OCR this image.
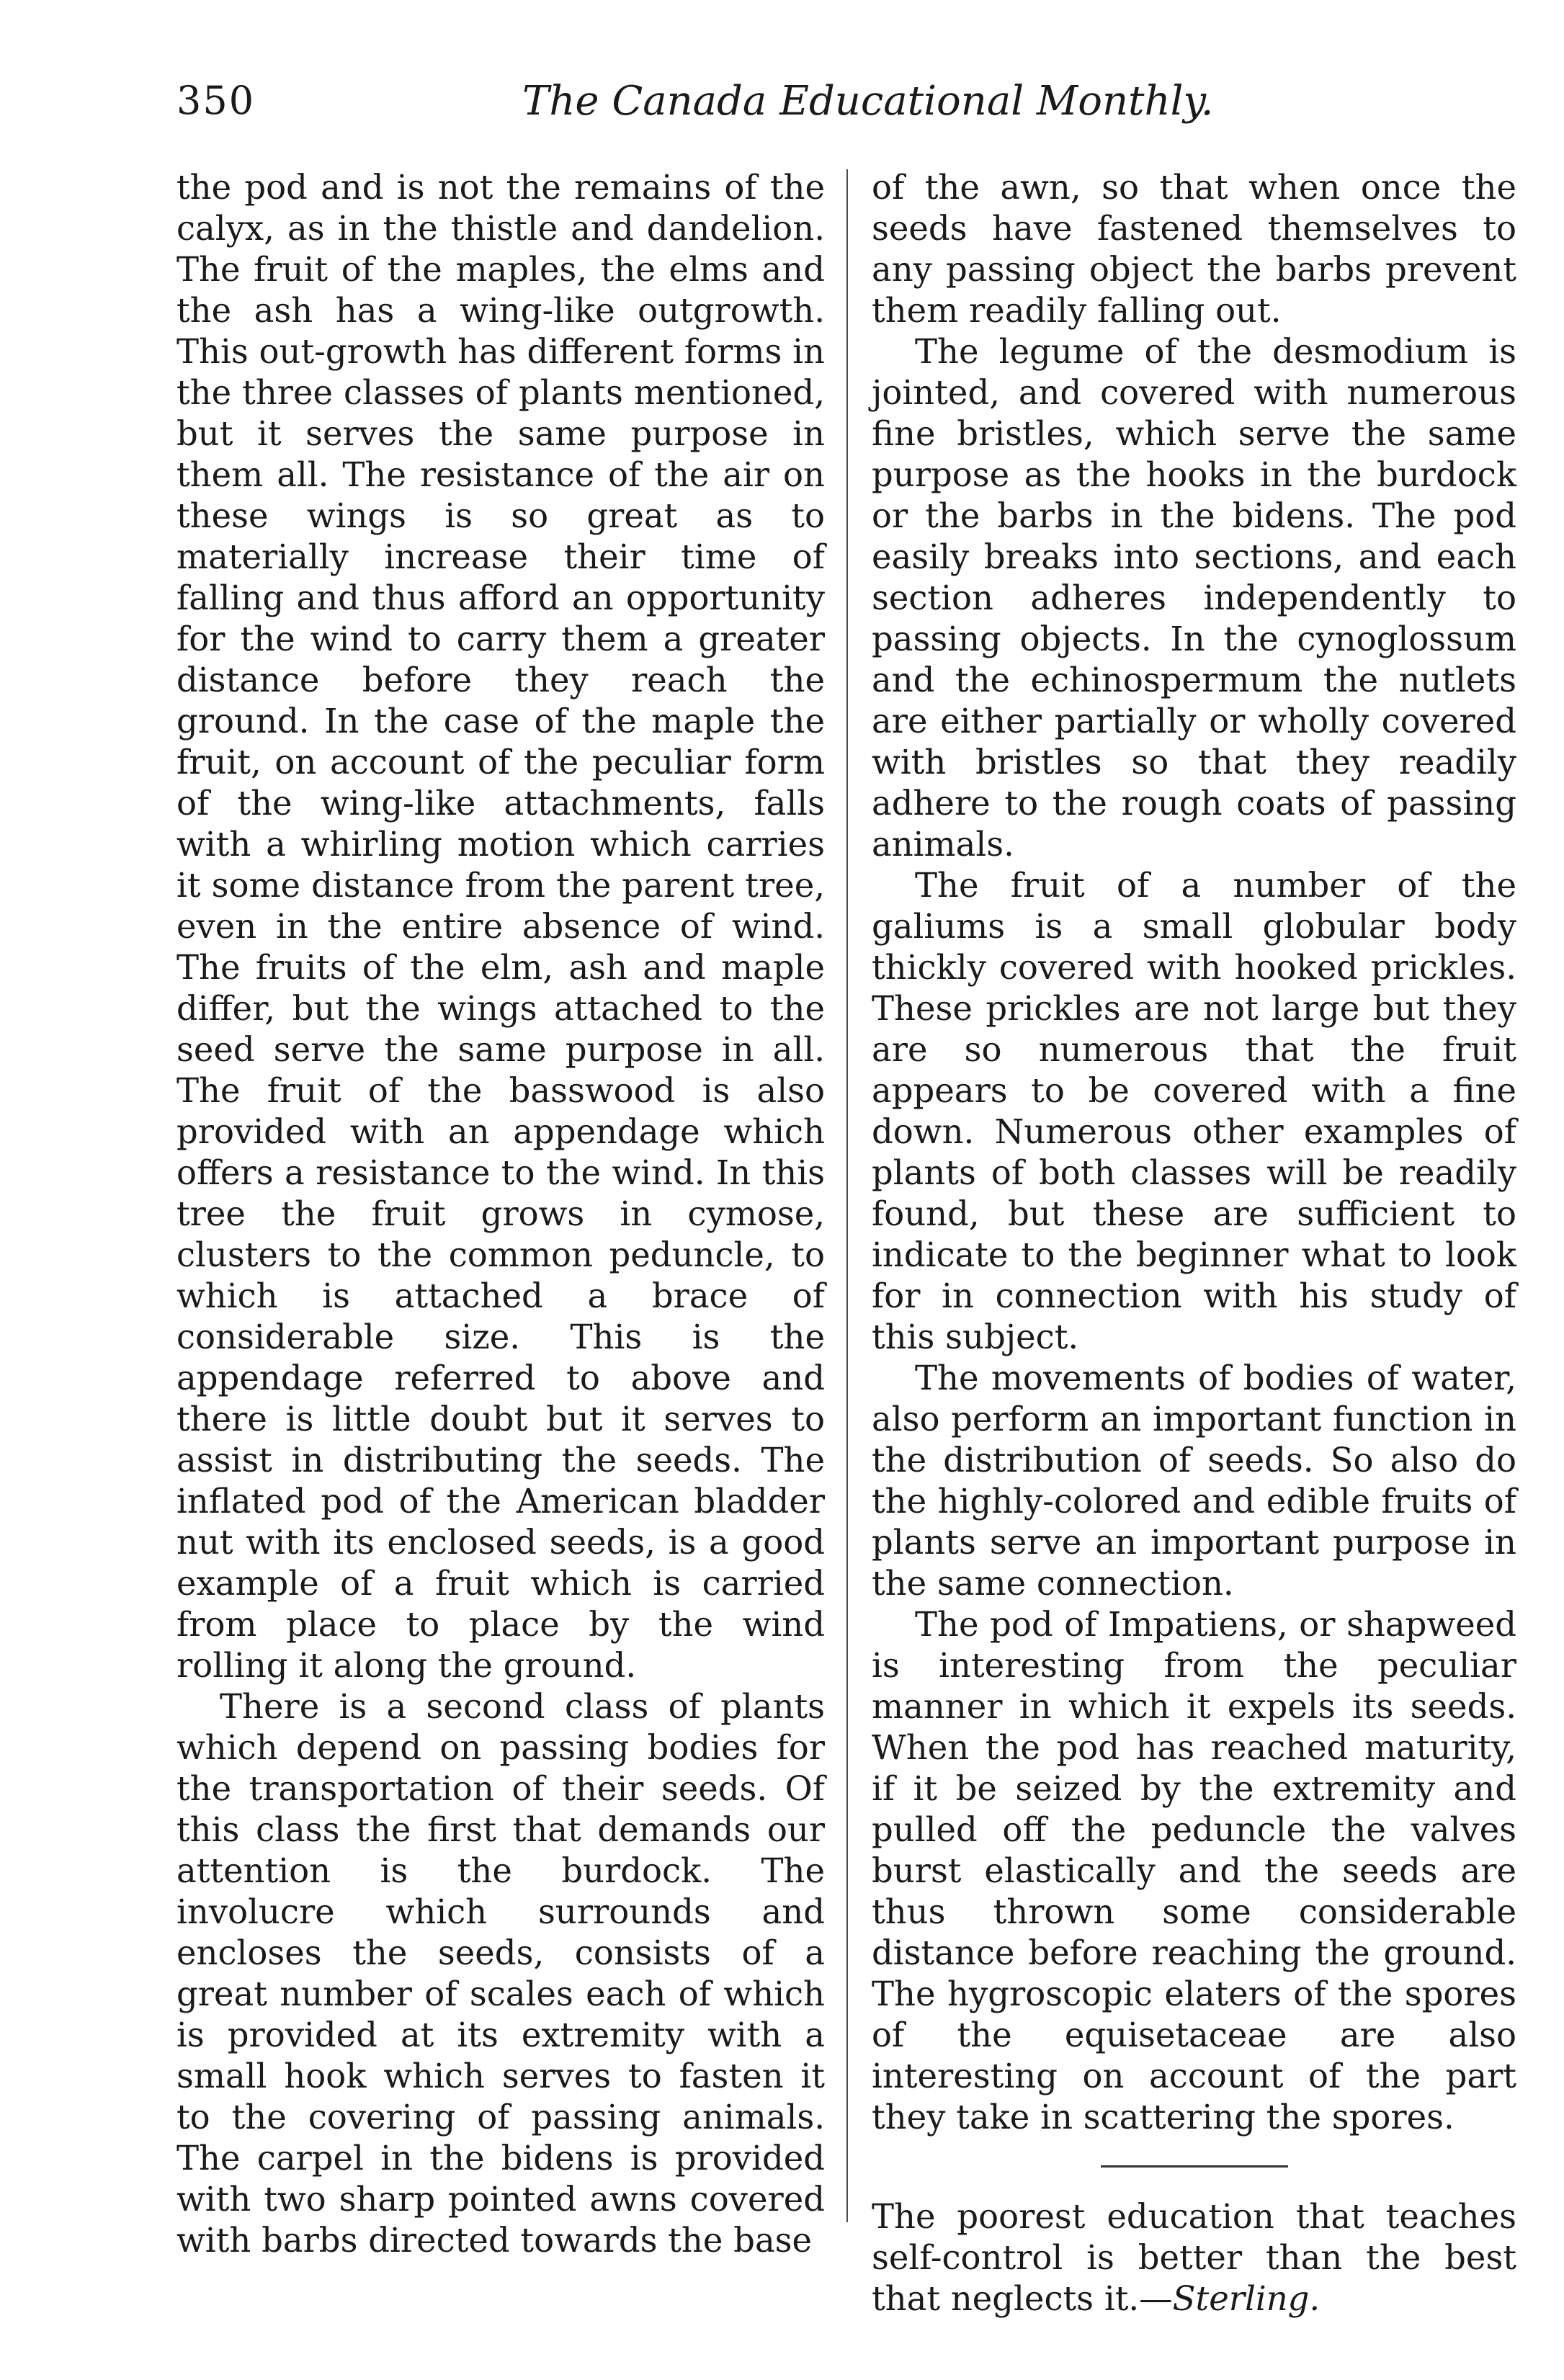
350	The Canada Educational Monthly.

the pod and is not the remains of the calyx, as in the thistle and dandelion. The fruit of the maples, the elms and the ash has a wing-like outgrowth. This out-growth has different forms in the three classes of plants mentioned, but it serves the same purpose in them all. The resistance of the air on these wings is so great as to materially increase their time of falling and thus afford an opportunity for the wind to carry them a greater distance before they reach the ground. In the case of the maple the fruit, on account of the peculiar form of the wing-like attachments, falls with a whirling motion which carries it some distance from the parent tree, even in the entire absence of wind. The fruits of the elm, ash and maple differ, but the wings attached to the seed serve the same purpose in all. The fruit of the basswood is also provided with an appendage which offers a resistance to the wind. In this tree the fruit grows in cymose, clusters to the common peduncle, to which is attached a brace of considerable size. This is the appendage referred to above and there is little doubt but it serves to assist in distributing the seeds. The inflated pod of the American bladder nut with its enclosed seeds, is a good example of a fruit which is carried from place to place by the wind rolling it along the ground.

There is a second class of plants which depend on passing bodies for the transportation of their seeds. Of this class the first that demands our attention is the burdock. The involucre which surrounds and encloses the seeds, consists of a great number of scales each of which is provided at its extremity with a small hook which serves to fasten it to the covering of passing animals. The carpel in the bidens is provided with two sharp pointed awns covered with barbs directed towards the base

of the awn, so that when once the seeds have fastened themselves to any passing object the barbs prevent them readily falling out.

The legume of the desmodium is jointed, and covered with numerous fine bristles, which serve the same purpose as the hooks in the burdock or the barbs in the bidens. The pod easily breaks into sections, and each section adheres independently to passing objects. In the cynoglossum and the echinospermum the nutlets are either partially or wholly covered with bristles so that they readily adhere to the rough coats of passing animals.

The fruit of a number of the galiums is a small globular body thickly covered with hooked prickles. These prickles are not large but they are so numerous that the fruit appears to be covered with a fine down. Numerous other examples of plants of both classes will be readily found, but these are sufficient to indicate to the beginner what to look for in connection with his study of this subject.

The movements of bodies of water, also perform an important function in the distribution of seeds. So also do the highly-colored and edible fruits of plants serve an important purpose in the same connection.

The pod of Impatiens, or shapweed is interesting from the peculiar manner in which it expels its seeds. When the pod has reached maturity, if it be seized by the extremity and pulled off the peduncle the valves burst elastically and the seeds are thus thrown some considerable distance before reaching the ground. The hygroscopic elaters of the spores of the equisetaceae are also interesting on account of the part they take in scattering the spores.

The poorest education that teaches self-control is better than the best that neglects it.—Sterling.
